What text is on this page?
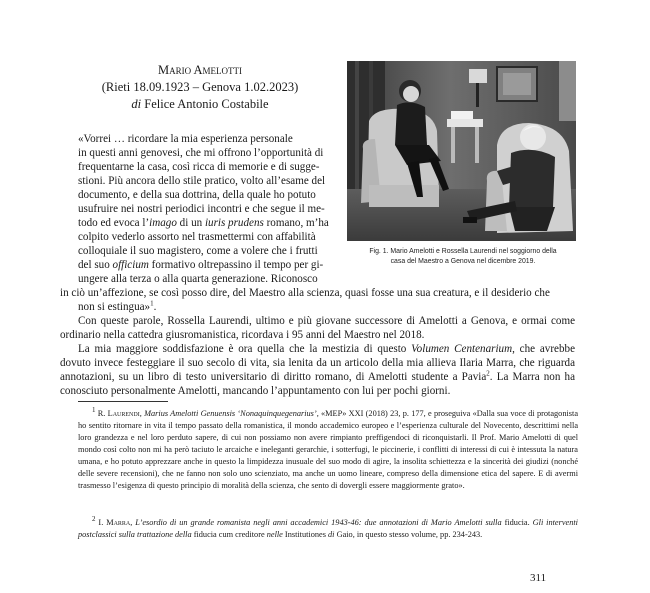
Mario Amelotti
(Rieti 18.09.1923 – Genova 1.02.2023)
di Felice Antonio Costabile
Fig. 1. Mario Amelotti e Rossella Laurendi nel soggiorno della
casa del Maestro a Genova nel dicembre 2019.
«Vorrei … ricordare la mia esperienza personale
in questi anni genovesi, che mi offrono l’opportunità di
frequentarne la casa, così ricca di memorie e di sugge-
stioni. Più ancora dello stile pratico, volto all’esame del
documento, e della sua dottrina, della quale ho potuto
usufruire nei nostri periodici incontri e che segue il me-
todo ed evoca l’imago di un iuris prudens romano, m’ha
colpito vederlo assorto nel trasmettermi con affabilità
colloquiale il suo magistero, come a volere che i frutti
del suo officium formativo oltrepassino il tempo per gi-
ungere alla terza o alla quarta generazione. Riconosco
in ciò un’affezione, se così posso dire, del Maestro alla scienza, quasi fosse una sua creatura, e il desiderio che
non si estingua»$^1$.
Con queste parole, Rossella Laurendi, ultimo e più giovane successore di Amelotti a Genova, e ormai come ordinario nella cattedra giusromanistica, ricordava i 95 anni del Maestro nel 2018.
La mia maggiore soddisfazione è ora quella che la mestizia di questo Volumen Centenarium, che avrebbe dovuto invece festeggiare il suo secolo di vita, sia lenita da un articolo della mia allieva Ilaria Marra, che riguarda annotazioni, su un libro di testo universitario di diritto romano, di Amelotti studente a Pavia$^2$. La Marra non ha conosciuto personalmente Amelotti, mancando l’appuntamento con lui per pochi giorni.
$^1$ R. Laurendi, Marius Amelotti Genuensis ‘Nonaquinquegenarius’, «MEP» XXI (2018) 23, p. 177, e proseguiva «Dalla sua voce di protagonista ho sentito ritornare in vita il tempo passato della romanistica, il mondo accademico europeo e l’esperienza culturale del Novecento, descrittimi nella loro grandezza e nel loro perduto sapere, di cui non possiamo non avere rimpianto preffigendoci di riconquistarli. Il Prof. Mario Amelotti di quel mondo così colto non mi ha però taciuto le arcaiche e ineleganti gerarchie, i sotterfugi, le piccinerie, i conflitti di interessi di cui è intessuta la natura umana, e ho potuto apprezzare anche in questo la limpidezza inusuale del suo modo di agire, la insolita schiettezza e la sincerità dei giudizi (nonché delle severe recensioni), che ne fanno non solo uno scienziato, ma anche un uomo lineare, compreso della dimensione etica del sapere. E di avermi trasmesso l’esigenza di questo principio di moralità della scienza, che sento di dovergli essere maggiormente grato».
$^2$ I. Marra, L’esordio di un grande romanista negli anni accademici 1943-46: due annotazioni di Mario Amelotti sulla fiducia. Gli interventi postclassici sulla trattazione della fiducia cum creditore nelle Institutiones di Gaio, in questo stesso volume, pp. 234-243.
311
